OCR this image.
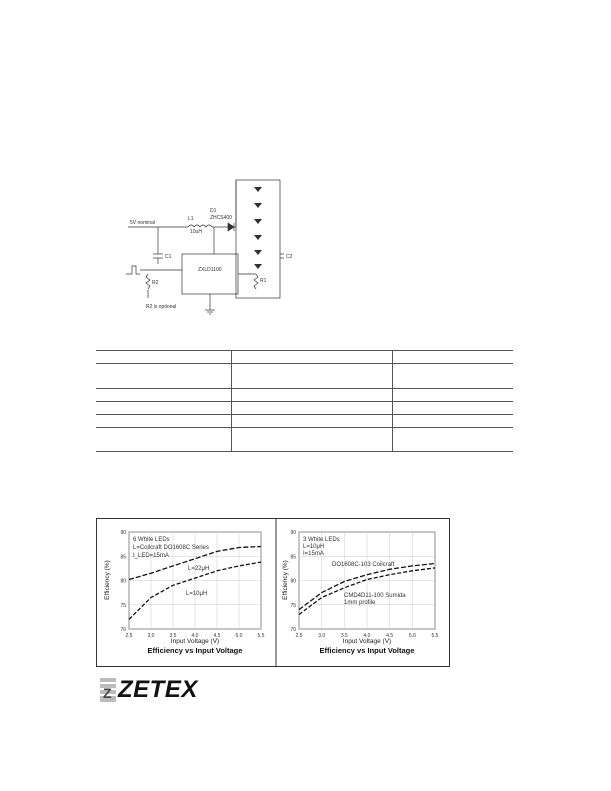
5V nominal
L1
10uH
D1
ZHCS400
C1
ZXLD1100
C2
R1
R2
R2 is optional

70
75
80
85
90
2.5	3.0	3.5	4.0	4.5	5.0	5.5
Efficiency (%)
Input Voltage (V)
Efficiency vs Input Voltage
6 White LEDs
L=Coilcraft DO1608C Series
I_LED=15mA
L=22μH
L=10μH
70
75
80
85
90
2.5	3.0	3.5	4.0	4.5	5.0	5.5
Efficiency (%)
Input Voltage (V)
Efficiency vs Input Voltage
3 White LEDs
L=10μH
I=15mA
DO1608C-103 Coilcraft
CMD4D11-100 Sumida
1mm profile
Z ZETEX
